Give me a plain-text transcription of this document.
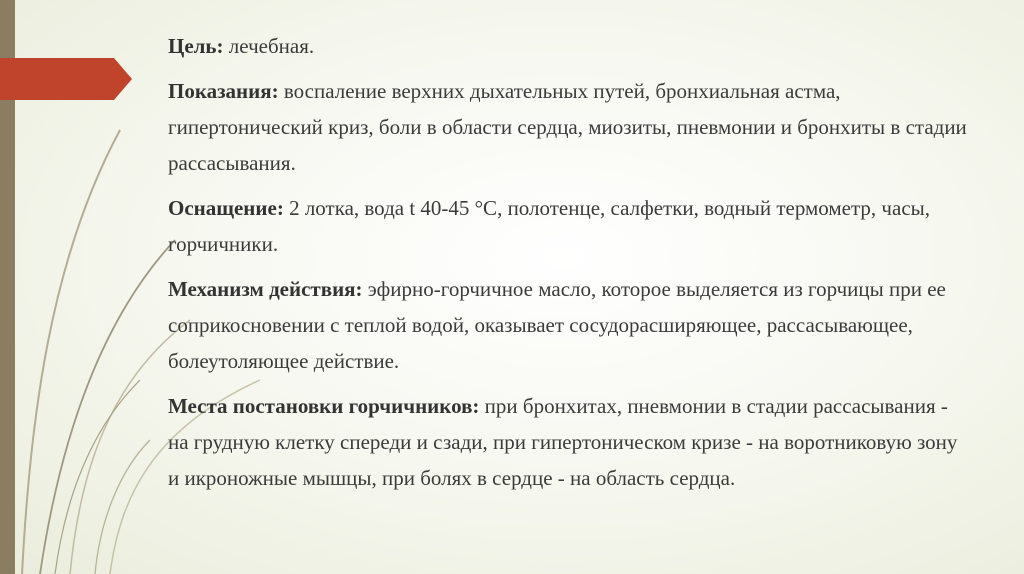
Цель: лечебная.

Показания: воспаление верхних дыхательных путей, бронхиальная астма, гипертонический криз, боли в области сердца, миозиты, пневмонии и бронхиты в стадии рассасывания.

Оснащение: 2 лотка, вода t 40-45 °С, полотенце, салфетки, водный термометр, часы, горчичники.

Механизм действия: эфирно-горчичное масло, которое выделяется из горчицы при ее соприкосновении с теплой водой, оказывает сосудорасширяющее, рассасывающее, болеутоляющее действие.

Места постановки горчичников: при бронхитах, пневмонии в стадии рассасывания - на грудную клетку спереди и сзади, при гипертоническом кризе - на воротниковую зону и икроножные мышцы, при болях в сердце - на область сердца.
